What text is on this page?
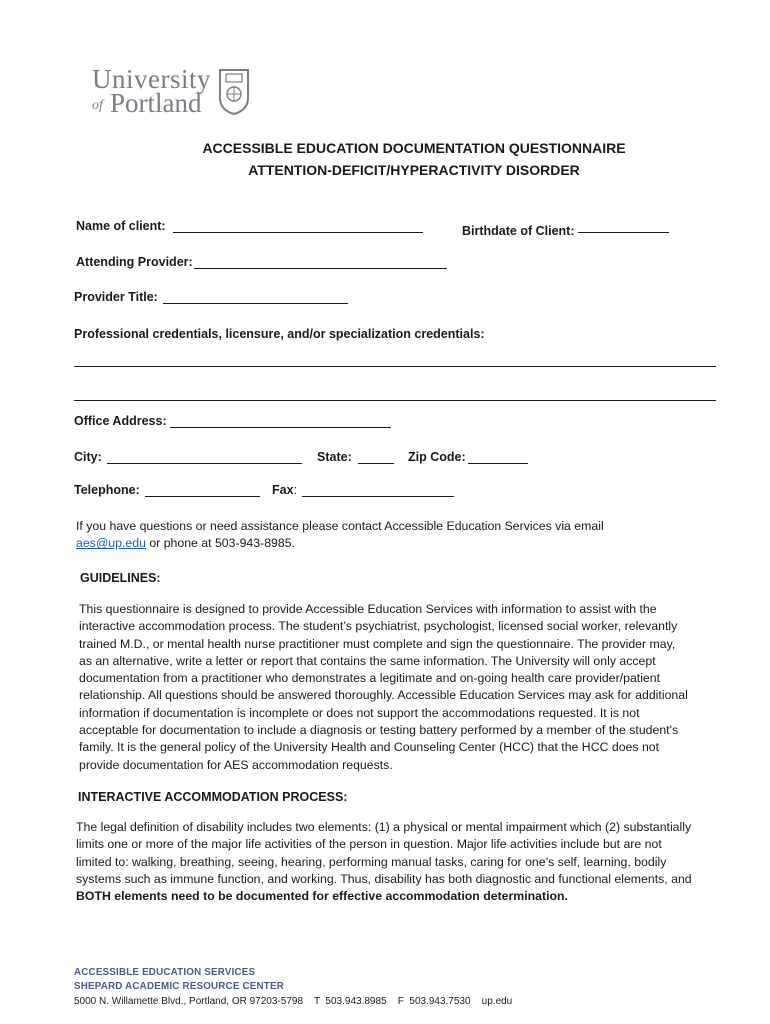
University
of Portland
ACCESSIBLE EDUCATION DOCUMENTATION QUESTIONNAIRE
ATTENTION-DEFICIT/HYPERACTIVITY DISORDER
Name of client:	Birthdate of Client:
Attending Provider:
Provider Title:
Professional credentials, licensure, and/or specialization credentials:
Office Address:
City:	State:	Zip Code:
Telephone:	Fax:
If you have questions or need assistance please contact Accessible Education Services via email
aes@up.edu or phone at 503-943-8985.
GUIDELINES:
This questionnaire is designed to provide Accessible Education Services with information to assist with the
interactive accommodation process. The student’s psychiatrist, psychologist, licensed social worker, relevantly
trained M.D., or mental health nurse practitioner must complete and sign the questionnaire. The provider may,
as an alternative, write a letter or report that contains the same information. The University will only accept
documentation from a practitioner who demonstrates a legitimate and on-going health care provider/patient
relationship. All questions should be answered thoroughly. Accessible Education Services may ask for additional
information if documentation is incomplete or does not support the accommodations requested. It is not
acceptable for documentation to include a diagnosis or testing battery performed by a member of the student's
family. It is the general policy of the University Health and Counseling Center (HCC) that the HCC does not
provide documentation for AES accommodation requests.
INTERACTIVE ACCOMMODATION PROCESS:
The legal definition of disability includes two elements: (1) a physical or mental impairment which (2) substantially
limits one or more of the major life activities of the person in question. Major life activities include but are not
limited to: walking, breathing, seeing, hearing, performing manual tasks, caring for one’s self, learning, bodily
systems such as immune function, and working. Thus, disability has both diagnostic and functional elements, and
BOTH elements need to be documented for effective accommodation determination.
ACCESSIBLE EDUCATION SERVICES
SHEPARD ACADEMIC RESOURCE CENTER
5000 N. Willamette Blvd., Portland, OR 97203-5798    T  503.943.8985    F  503.943.7530    up.edu
